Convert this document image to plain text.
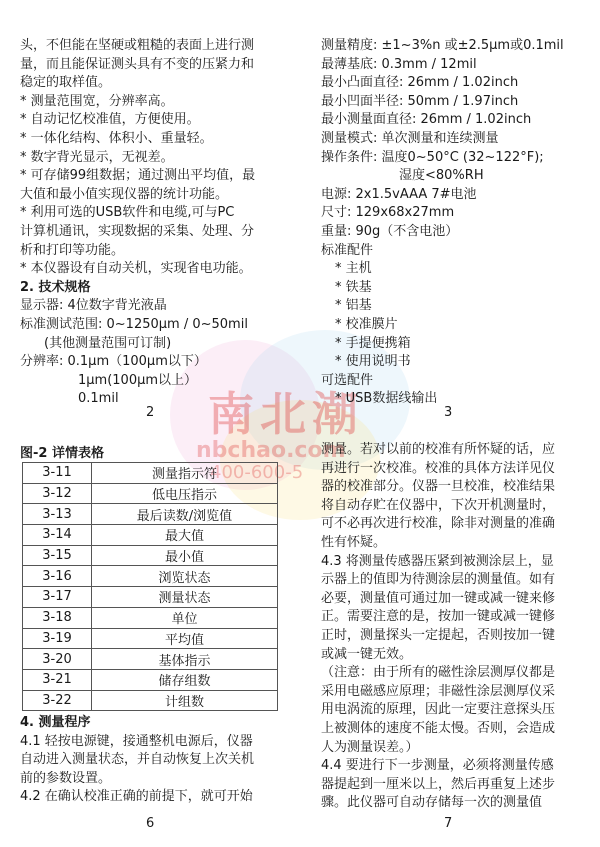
南北潮
nbchao.com
400-600-5

头，不但能在坚硬或粗糙的表面上进行测

量，而且能保证测头具有不变的压紧力和

稳定的取样值。

* 测量范围宽，分辨率高。

* 自动记忆校准值，方便使用。

* 一体化结构、体积小、重量轻。

* 数字背光显示，无视差。

* 可存储99组数据；通过测出平均值，最

大值和最小值实现仪器的统计功能。

* 利用可选的USB软件和电缆,可与PC

计算机通讯，实现数据的采集、处理、分

析和打印等功能。

* 本仪器设有自动关机，实现省电功能。

2. 技术规格

显示器: 4位数字背光液晶

标准测试范围: 0~1250μm / 0~50mil

(其他测量范围可订制)

分辨率: 0.1μm（100μm以下）

1μm(100μm以上）

0.1mil

2

测量精度: ±1~3%n 或±2.5μm或0.1mil

最薄基底: 0.3mm / 12mil

最小凸面直径: 26mm / 1.02inch

最小凹面半径: 50mm / 1.97inch

最小测量面直径: 26mm / 1.02inch

测量模式: 单次测量和连续测量

操作条件: 温度0~50°C (32~122°F);

湿度<80%RH

电源: 2x1.5vAAA 7#电池

尺寸: 129x68x27mm

重量: 90g（不含电池）

标准配件

* 主机

* 铁基

* 铝基

* 校准膜片

* 手提便携箱

* 使用说明书

可选配件

* USB数据线输出

3
图-2 详情表格
3-11	测量指示符
3-12	低电压指示
3-13	最后读数/浏览值
3-14	最大值
3-15	最小值
3-16	浏览状态
3-17	测量状态
3-18	单位
3-19	平均值
3-20	基体指示
3-21	储存组数
3-22	计组数

4. 测量程序

4.1 轻按电源键，接通整机电源后，仪器

自动进入测量状态，并自动恢复上次关机

前的参数设置。

4.2 在确认校准正确的前提下，就可开始

6

测量。若对以前的校准有所怀疑的话，应

再进行一次校准。校准的具体方法详见仪

器的校准部分。仪器一旦校准，校准结果

将自动存贮在仪器中，下次开机测量时，

可不必再次进行校准，除非对测量的准确

性有怀疑。

4.3 将测量传感器压紧到被测涂层上，显

示器上的值即为待测涂层的测量值。如有

必要，测量值可通过加一键或减一键来修

正。需要注意的是，按加一键或减一键修

正时，测量探头一定提起，否则按加一键

或减一键无效。

（注意：由于所有的磁性涂层测厚仪都是

采用电磁感应原理；非磁性涂层测厚仪采

用电涡流的原理，因此一定要注意探头压

上被测体的速度不能太慢。否则，会造成

人为测量误差。）

4.4 要进行下一步测量，必须将测量传感

器提起到一厘米以上，然后再重复上述步

骤。此仪器可自动存储每一次的测量值

7
